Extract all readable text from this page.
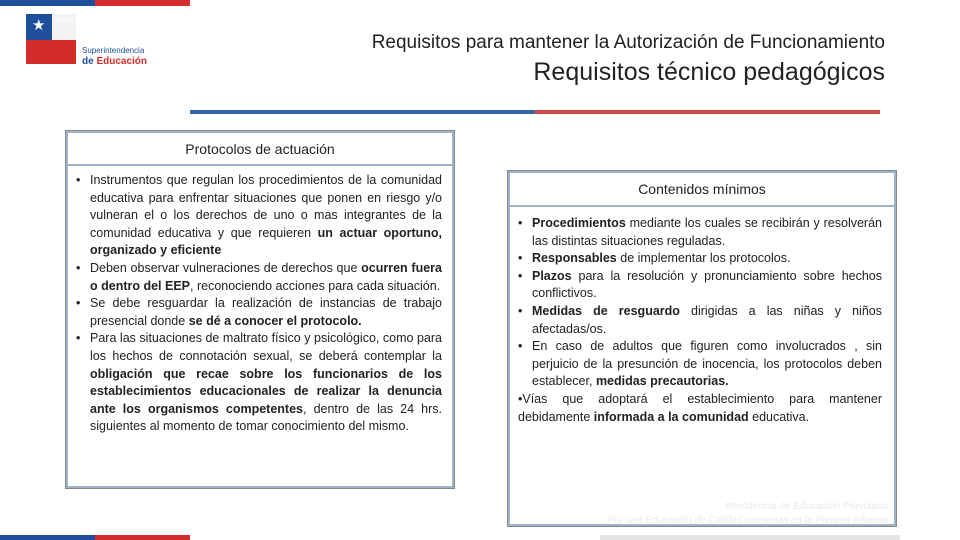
★ Gobierno de Chile
Superintendencia
de Educación
Requisitos para mantener la Autorización de Funcionamiento
Requisitos técnico pedagógicos
Protocolos de actuación
• Instrumentos que regulan los procedimientos de la comunidad educativa para enfrentar situaciones que ponen en riesgo y/o vulneran el o los derechos de uno o mas integrantes de la comunidad educativa y que requieren un actuar oportuno, organizado y eficiente
• Deben observar vulneraciones de derechos que ocurren fuera o dentro del EEP, reconociendo acciones para cada situación.
• Se debe resguardar la realización de instancias de trabajo presencial donde se dé a conocer el protocolo.
• Para las situaciones de maltrato físico y psicológico, como para los hechos de connotación sexual, se deberá contemplar la obligación que recae sobre los funcionarios de los establecimientos educacionales de realizar la denuncia ante los organismos competentes, dentro de las 24 hrs. siguientes al momento de tomar conocimiento del mismo.
Contenidos mínimos
• Procedimientos mediante los cuales se recibirán y resolverán las distintas situaciones reguladas.
• Responsables de implementar los protocolos.
• Plazos para la resolución y pronunciamiento sobre hechos conflictivos.
• Medidas de resguardo dirigidas a las niñas y niños afectadas/os.
• En caso de adultos que figuren como involucrados , sin perjuicio de la presunción de inocencia, los protocolos deben establecer, medidas precautorias.
•Vías que adoptará el establecimiento para mantener debidamente informada a la comunidad educativa.
Intendencia de Educación Parvularia
Por una Educación de Calidad comienza en la Primera Infancia
